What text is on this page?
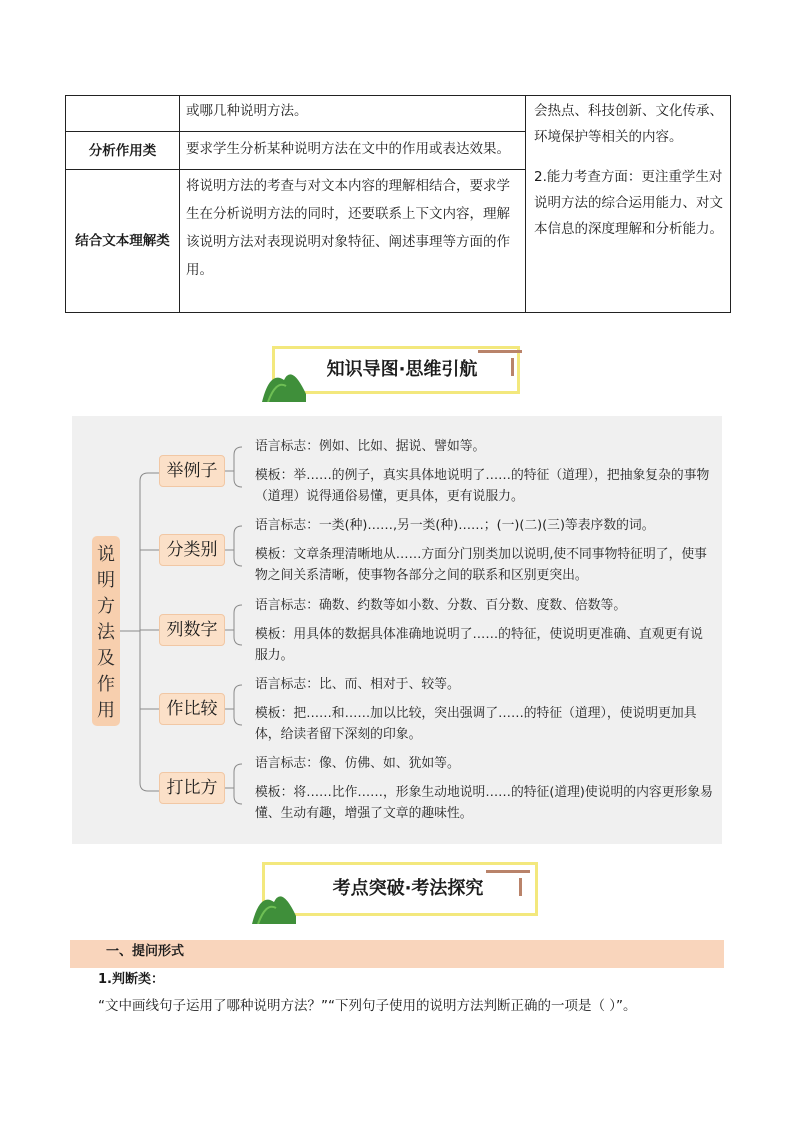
	或哪几种说明方法。	会热点、科技创新、文化传承、环境保护等相关的内容。
2.能力考查方面：更注重学生对说明方法的综合运用能力、对文本信息的深度理解和分析能力。

分析作用类	要求学生分析某种说明方法在文中的作用或表达效果。	
结合文本理解类	将说明方法的考查与对文本内容的理解相结合，要求学生在分析说明方法的同时，还要联系上下文内容，理解该说明方法对表现说明对象特征、阐述事理等方面的作用。	
知识导图·思维引航
说
明
方
法
及
作
用
举例子
语言标志：例如、比如、据说、譬如等。
模板：举……的例子，真实具体地说明了……的特征（道理），把抽象复杂的事物（道理）说得通俗易懂，更具体，更有说服力。
分类别
语言标志：一类(种)……,另一类(种)……；(一)(二)(三)等表序数的词。
模板：文章条理清晰地从……方面分门别类加以说明,使不同事物特征明了，使事物之间关系清晰，使事物各部分之间的联系和区别更突出。
列数字
语言标志：确数、约数等如小数、分数、百分数、度数、倍数等。
模板：用具体的数据具体准确地说明了……的特征，使说明更准确、直观更有说服力。
作比较
语言标志：比、而、相对于、较等。
模板：把……和……加以比较，突出强调了……的特征（道理），使说明更加具体，给读者留下深刻的印象。
打比方
语言标志：像、仿佛、如、犹如等。
模板：将……比作……，形象生动地说明……的特征(道理)使说明的内容更形象易懂、生动有趣，增强了文章的趣味性。
考点突破·考法探究
一、提问形式
1.判断类：
“文中画线句子运用了哪种说明方法？”“下列句子使用的说明方法判断正确的一项是（ ）”。
